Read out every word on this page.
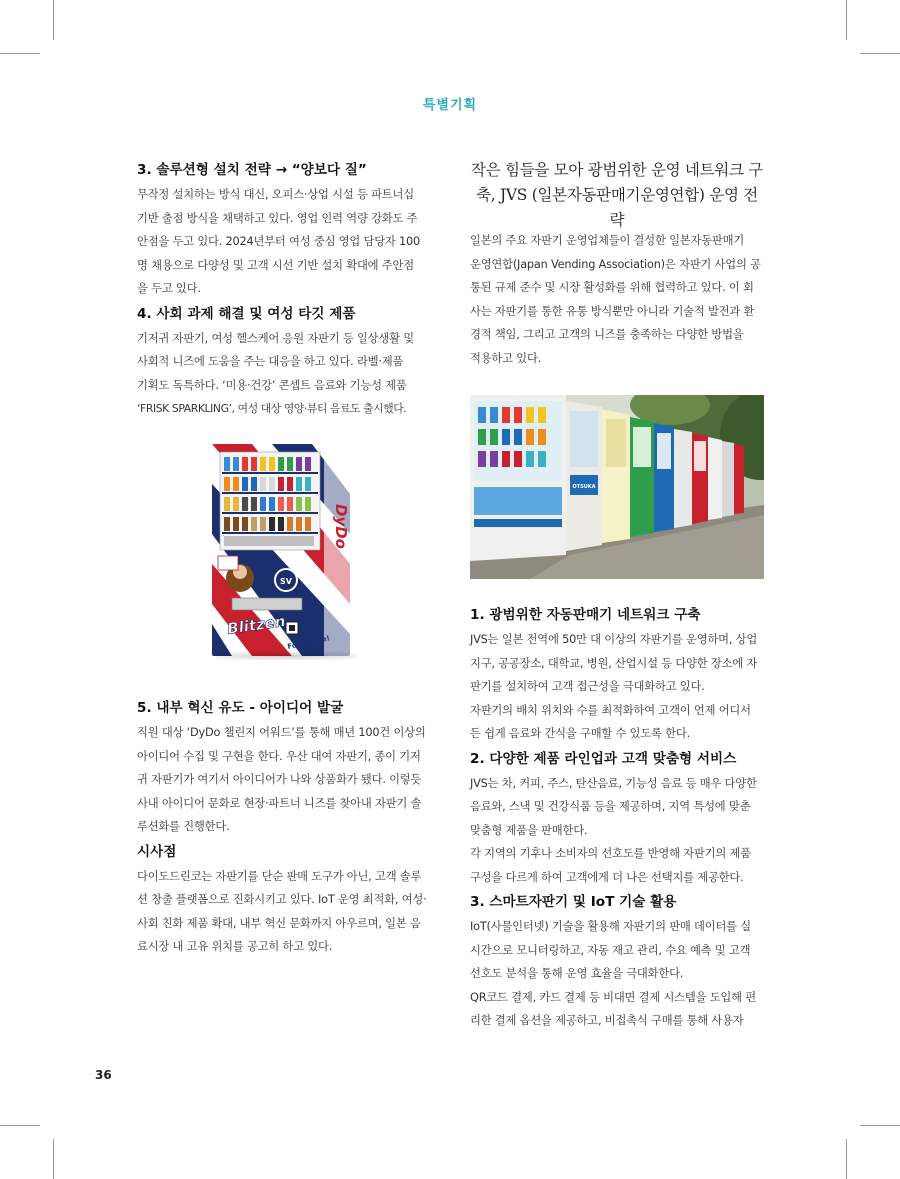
특별기획
3. 솔루션형 설치 전략 → “양보다 질”

무작정 설치하는 방식 대신, 오피스·상업 시설 등 파트너십
기반 출점 방식을 채택하고 있다. 영업 인력 역량 강화도 주
안점을 두고 있다. 2024년부터 여성 중심 영업 담당자 100
명 채용으로 다양성 및 고객 시선 기반 설치 확대에 주안점
을 두고 있다.

4. 사회 과제 해결 및 여성 타깃 제품

기저귀 자판기, 여성 헬스케어 응원 자판기 등 일상생활 및
사회적 니즈에 도움을 주는 대응을 하고 있다. 라벨·제품
기획도 독특하다. ‘미용·건강’ 콘셉트 음료와 기능성 제품
‘FRISK SPARKLING’, 여성 대상 영양·뷰티 음료도 출시했다.

SV
Blitzen
Follow me!
DyDo
5. 내부 혁신 유도 - 아이디어 발굴

직원 대상 ‘DyDo 챌린지 어워드’를 통해 매년 100건 이상의
아이디어 수집 및 구현을 한다. 우산 대여 자판기, 종이 기저
귀 자판기가 여기서 아이디어가 나와 상품화가 됐다. 이렇듯
사내 아이디어 문화로 현장·파트너 니즈를 찾아내 자판기 솔
루션화를 진행한다.

시사점

다이도드린코는 자판기를 단순 판매 도구가 아닌, 고객 솔루
션 창출 플랫폼으로 진화시키고 있다. IoT 운영 최적화, 여성·
사회 친화 제품 확대, 내부 혁신 문화까지 아우르며, 일본 음
료시장 내 고유 위치를 공고히 하고 있다.

작은 힘들을 모아 광범위한 운영 네트워크 구
축, JVS (일본자동판매기운영연합) 운영 전략

일본의 주요 자판기 운영업체들이 결성한 일본자동판매기
운영연합(Japan Vending Association)은 자판기 사업의 공
통된 규제 준수 및 시장 활성화를 위해 협력하고 있다. 이 회
사는 자판기를 통한 유통 방식뿐만 아니라 기술적 발전과 환
경적 책임, 그리고 고객의 니즈를 충족하는 다양한 방법을
적용하고 있다.

OTSUKA
1. 광범위한 자동판매기 네트워크 구축

JVS는 일본 전역에 50만 대 이상의 자판기를 운영하며, 상업
지구, 공공장소, 대학교, 병원, 산업시설 등 다양한 장소에 자
판기를 설치하여 고객 접근성을 극대화하고 있다.
자판기의 배치 위치와 수를 최적화하여 고객이 언제 어디서
든 쉽게 음료와 간식을 구매할 수 있도록 한다.

2. 다양한 제품 라인업과 고객 맞춤형 서비스

JVS는 차, 커피, 주스, 탄산음료, 기능성 음료 등 매우 다양한
음료와, 스낵 및 건강식품 등을 제공하며, 지역 특성에 맞춘
맞춤형 제품을 판매한다.
각 지역의 기후나 소비자의 선호도를 반영해 자판기의 제품
구성을 다르게 하여 고객에게 더 나은 선택지를 제공한다.

3. 스마트자판기 및 IoT 기술 활용

IoT(사물인터넷) 기술을 활용해 자판기의 판매 데이터를 실
시간으로 모니터링하고, 자동 재고 관리, 수요 예측 및 고객
선호도 분석을 통해 운영 효율을 극대화한다.
QR코드 결제, 카드 결제 등 비대면 결제 시스템을 도입해 편
리한 결제 옵션을 제공하고, 비접촉식 구매를 통해 사용자

36
